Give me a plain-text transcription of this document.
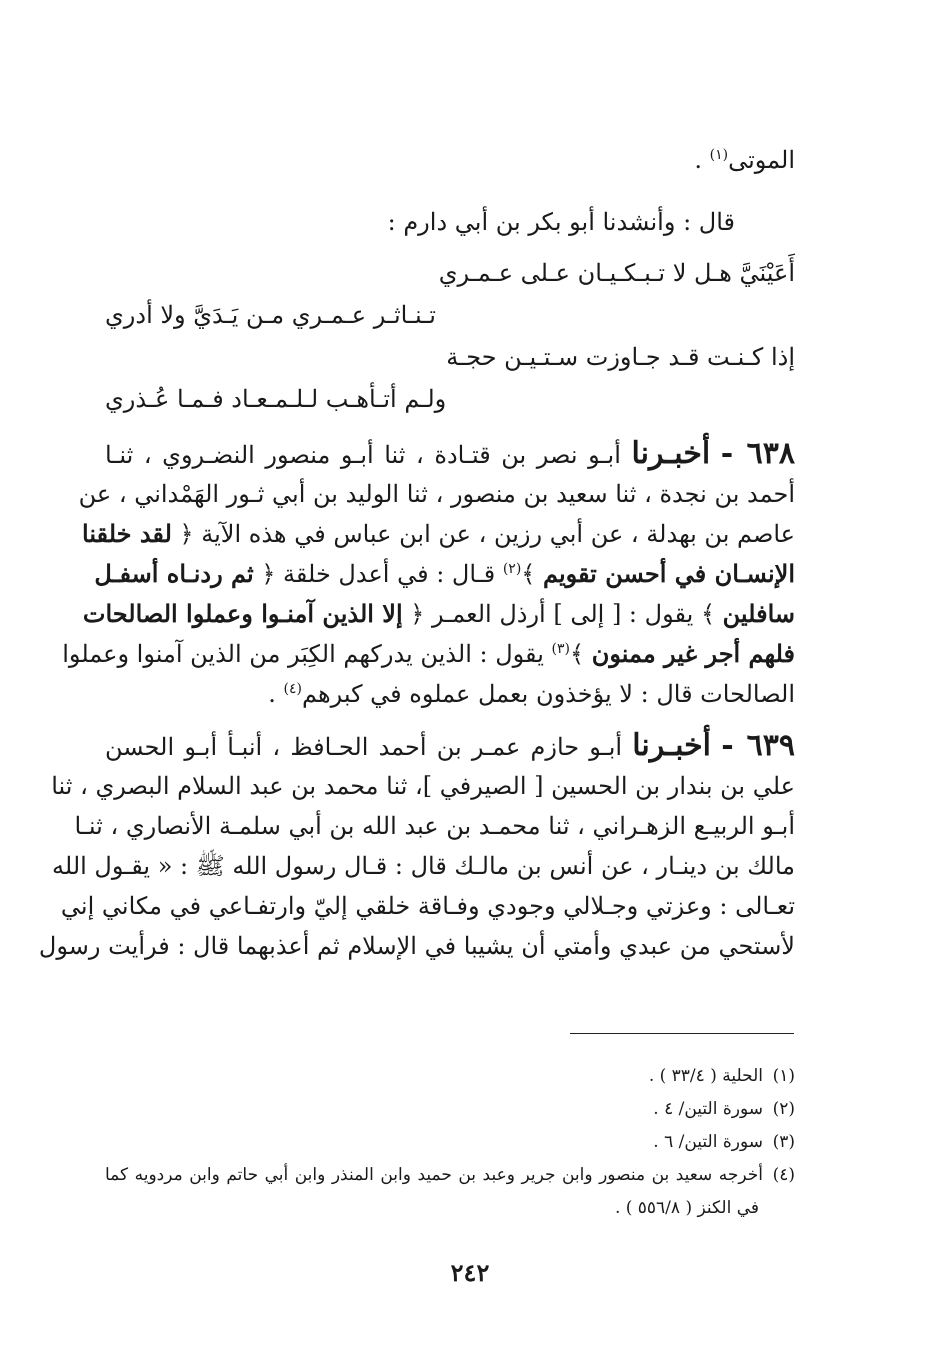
الموتى$^{(١)}$ .
قال : وأنشدنا أبو بكر بن أبي دارم :
أَعَيْنَيَّ هـل لا تـبـكـيـان عـلى عـمـري
تـنـاثـر عـمـري مـن يَـدَيَّ ولا أدري
إذا كـنـت قـد جـاوزت سـتـيـن حجـة
ولـم أتـأهـب لـلـمـعـاد فـمـا عُـذري
٦٣٨ - أخبـرنا أبـو نصر بن قتـادة ، ثنا أبـو منصور النضـروي ، ثنـا
أحمد بن نجدة ، ثنا سعيد بن منصور ، ثنا الوليد بن أبي ثـور الهَمْداني ، عن
عاصم بن بهدلة ، عن أبي رزين ، عن ابن عباس في هذه الآية ﴿ لقد خلقنا
الإنسـان في أحسن تقويم ﴾$^{(٢)}$ قـال : في أعدل خلقة ﴿ ثم ردنـاه أسفـل
سافلين ﴾ يقول : [ إلى ] أرذل العمـر ﴿ إلا الذين آمنـوا وعملوا الصالحات
فلهم أجر غير ممنون ﴾$^{(٣)}$ يقول : الذين يدركهم الكِبَر من الذين آمنوا وعملوا
الصالحات قال : لا يؤخذون بعمل عملوه في كبرهم$^{(٤)}$ .
٦٣٩ - أخبـرنا أبـو حازم عمـر بن أحمد الحـافظ ، أنبـأ أبـو الحسن
علي بن بندار بن الحسين [ الصيرفي ]، ثنا محمد بن عبد السلام البصري ، ثنا
أبـو الربيـع الزهـراني ، ثنا محمـد بن عبد الله بن أبي سلمـة الأنصاري ، ثنـا
مالك بن دينـار ، عن أنس بن مالـك قال : قـال رسول الله ﷺ : « يقـول الله
تعـالى : وعزتي وجـلالي وجودي وفـاقة خلقي إليّ وارتفـاعي في مكاني إني
لأستحي من عبدي وأمتي أن يشيبا في الإسلام ثم أعذبهما قال : فرأيت رسول
(١)الحلية ( ٣٣/٤ ) .
(٢)سورة التين/ ٤ .
(٣)سورة التين/ ٦ .
(٤)أخرجه سعيد بن منصور وابن جرير وعبد بن حميد وابن المنذر وابن أبي حاتم وابن مردويه كما
في الكنز ( ٥٥٦/٨ ) .
٢٤٢
